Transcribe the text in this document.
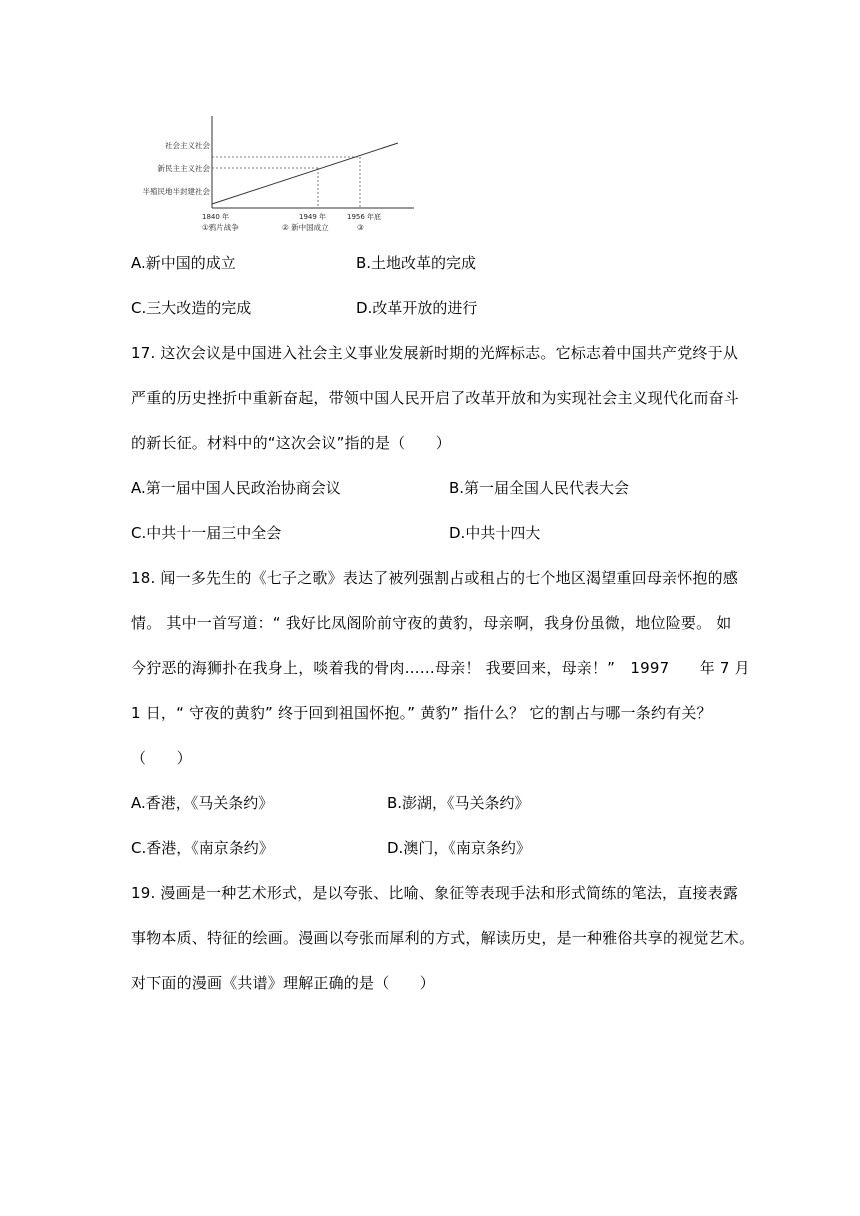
社会主义社会
新民主主义社会
半殖民地半封建社会
1840 年	1949 年	1956 年底
①鸦片战争	② 新中国成立	③
A.新中国的成立	B.土地改革的完成
C.三大改造的完成	D.改革开放的进行
17. 这次会议是中国进入社会主义事业发展新时期的光辉标志。它标志着中国共产党终于从
严重的历史挫折中重新奋起，带领中国人民开启了改革开放和为实现社会主义现代化而奋斗
的新长征。材料中的“这次会议”指的是（　　）
A.第一届中国人民政治协商会议	B.第一届全国人民代表大会
C.中共十一届三中全会	D.中共十四大
18. 闻一多先生的《七子之歌》表达了被列强割占或租占的七个地区渴望重回母亲怀抱的感
情。 其中一首写道：“ 我好比凤阁阶前守夜的黄豹，母亲啊，我身份虽微，地位险要。 如
今狞恶的海狮扑在我身上，啖着我的骨肉……母亲！ 我要回来，母亲！”　1997　　年 7 月
1 日，“ 守夜的黄豹” 终于回到祖国怀抱。” 黄豹” 指什么？ 它的割占与哪一条约有关？
（　　）
A.香港，《马关条约》	B.澎湖，《马关条约》
C.香港，《南京条约》	D.澳门，《南京条约》
19. 漫画是一种艺术形式，是以夸张、比喻、象征等表现手法和形式简练的笔法，直接表露
事物本质、特征的绘画。漫画以夸张而犀利的方式，解读历史，是一种雅俗共享的视觉艺术。
对下面的漫画《共谱》理解正确的是（　　）
